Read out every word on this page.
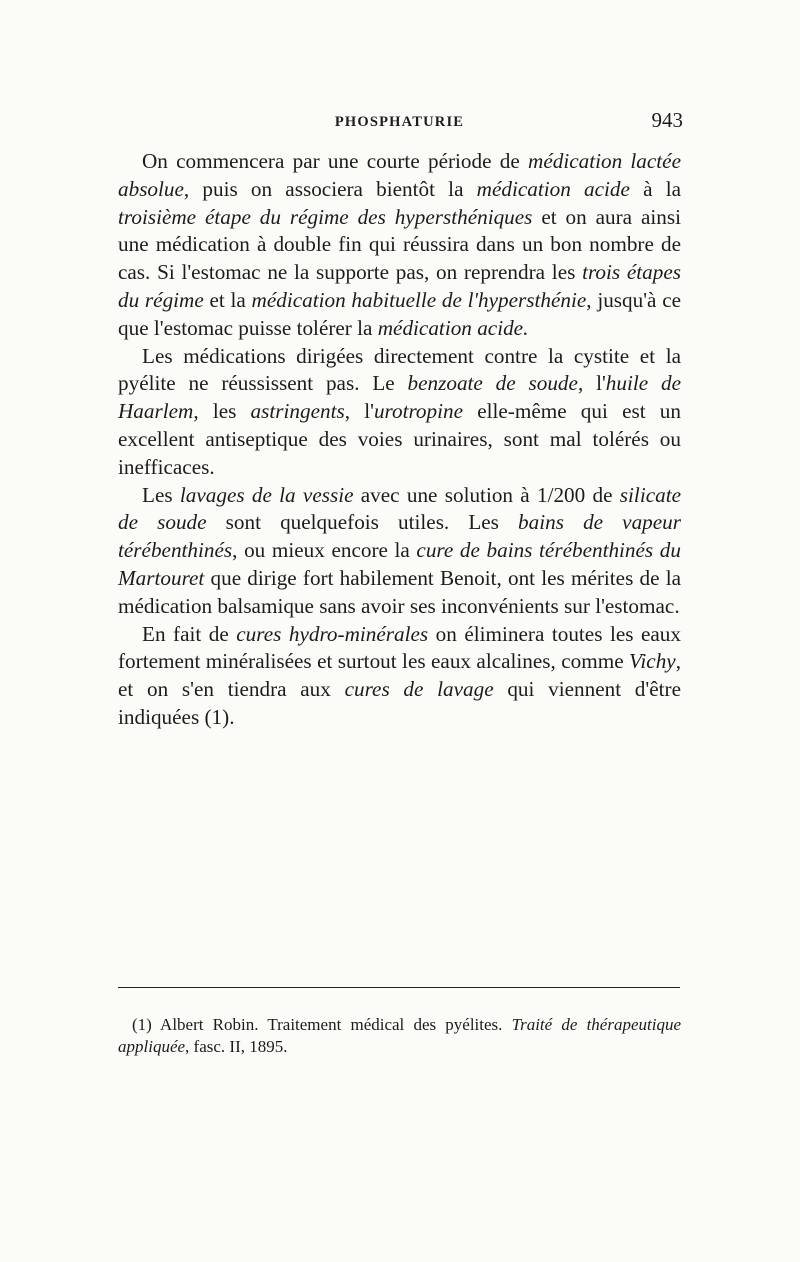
PHOSPHATURIE	943

On commencera par une courte période de médication lactée absolue, puis on associera bientôt la médication acide à la troisième étape du régime des hypersthéniques et on aura ainsi une médication à double fin qui réussira dans un bon nombre de cas. Si l'estomac ne la supporte pas, on reprendra les trois étapes du régime et la médication habituelle de l'hypersthénie, jusqu'à ce que l'estomac puisse tolérer la médication acide.

Les médications dirigées directement contre la cystite et la pyélite ne réussissent pas. Le benzoate de soude, l'huile de Haarlem, les astringents, l'urotropine elle-même qui est un excellent antiseptique des voies urinaires, sont mal tolérés ou inefficaces.

Les lavages de la vessie avec une solution à 1/200 de silicate de soude sont quelquefois utiles. Les bains de vapeur térébenthinés, ou mieux encore la cure de bains térébenthinés du Martouret que dirige fort habilement Benoit, ont les mérites de la médication balsamique sans avoir ses inconvénients sur l'estomac.

En fait de cures hydro-minérales on éliminera toutes les eaux fortement minéralisées et surtout les eaux alcalines, comme Vichy, et on s'en tiendra aux cures de lavage qui viennent d'être indiquées (1).

(1) Albert Robin. Traitement médical des pyélites. Traité de thérapeutique appliquée, fasc. II, 1895.
